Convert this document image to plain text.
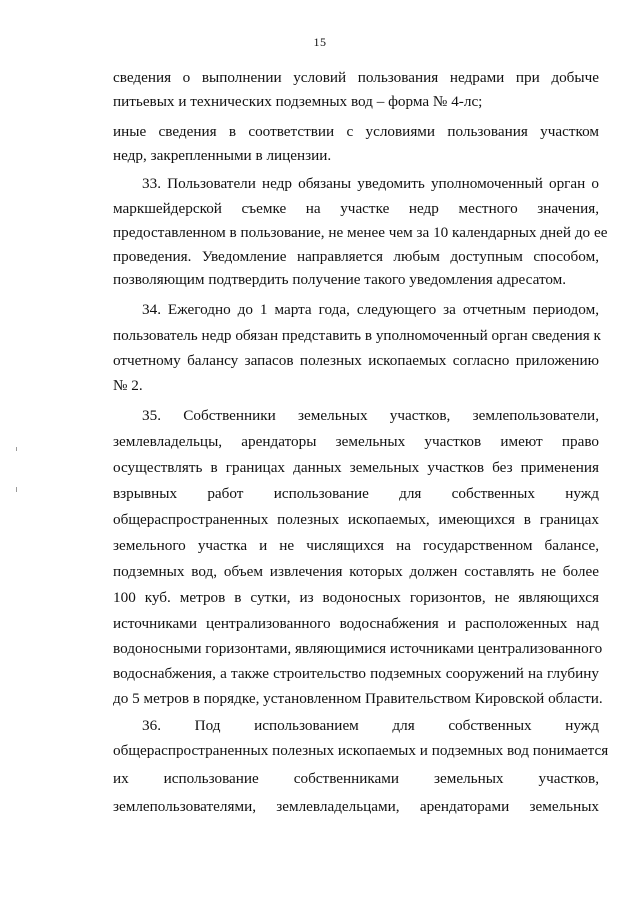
15
сведения о выполнении условий пользования недрами при добыче
питьевых и технических подземных вод – форма № 4-лс;
иные сведения в соответствии с условиями пользования участком
недр, закрепленными в лицензии.
33. Пользователи недр обязаны уведомить уполномоченный орган о
маркшейдерской съемке на участке недр местного значения,
предоставленном в пользование, не менее чем за 10 календарных дней до ее
проведения. Уведомление направляется любым доступным способом,
позволяющим подтвердить получение такого уведомления адресатом.
34. Ежегодно до 1 марта года, следующего за отчетным периодом,
пользователь недр обязан представить в уполномоченный орган сведения к
отчетному балансу запасов полезных ископаемых согласно приложению
№ 2.
35. Собственники земельных участков, землепользователи,
землевладельцы, арендаторы земельных участков имеют право
осуществлять в границах данных земельных участков без применения
взрывных работ использование для собственных нужд
общераспространенных полезных ископаемых, имеющихся в границах
земельного участка и не числящихся на государственном балансе,
подземных вод, объем извлечения которых должен составлять не более
100 куб. метров в сутки, из водоносных горизонтов, не являющихся
источниками централизованного водоснабжения и расположенных над
водоносными горизонтами, являющимися источниками централизованного
водоснабжения, а также строительство подземных сооружений на глубину
до 5 метров в порядке, установленном Правительством Кировской области.
36. Под использованием для собственных нужд
общераспространенных полезных ископаемых и подземных вод понимается
их использование собственниками земельных участков,
землепользователями, землевладельцами, арендаторами земельных
